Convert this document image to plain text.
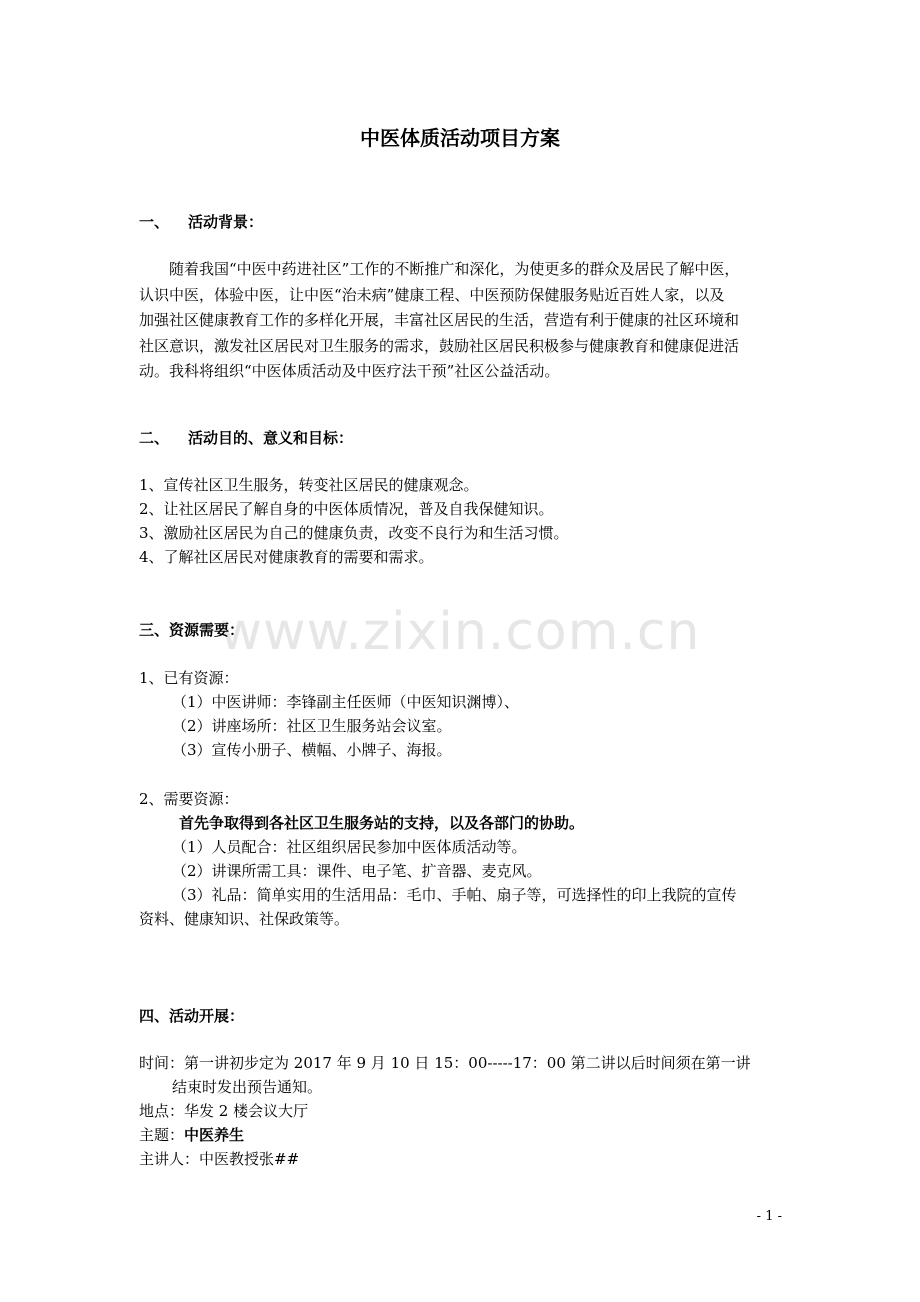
www.zixin.com.cn
中医体质活动项目方案
一、 活动背景：
随着我国“中医中药进社区”工作的不断推广和深化，为使更多的群众及居民了解中医，
认识中医，体验中医，让中医“治未病”健康工程、中医预防保健服务贴近百姓人家，以及
加强社区健康教育工作的多样化开展，丰富社区居民的生活，营造有利于健康的社区环境和
社区意识，激发社区居民对卫生服务的需求，鼓励社区居民积极参与健康教育和健康促进活
动。我科将组织“中医体质活动及中医疗法干预”社区公益活动。
二、 活动目的、意义和目标：
1、宣传社区卫生服务，转变社区居民的健康观念。
2、让社区居民了解自身的中医体质情况，普及自我保健知识。
3、激励社区居民为自己的健康负责，改变不良行为和生活习惯。
4、了解社区居民对健康教育的需要和需求。
三、资源需要：
1、已有资源：
（1）中医讲师：李锋副主任医师（中医知识渊博）、
（2）讲座场所：社区卫生服务站会议室。
（3）宣传小册子、横幅、小牌子、海报。
2、需要资源：
首先争取得到各社区卫生服务站的支持，以及各部门的协助。
（1）人员配合：社区组织居民参加中医体质活动等。
（2）讲课所需工具：课件、电子笔、扩音器、麦克风。
（3）礼品：简单实用的生活用品：毛巾、手帕、扇子等，可选择性的印上我院的宣传
资料、健康知识、社保政策等。
四、活动开展：
时间：第一讲初步定为 2017 年 9 月 10 日 15：00-----17：00 第二讲以后时间须在第一讲
结束时发出预告通知。
地点：华发 2 楼会议大厅
主题：中医养生
主讲人：中医教授张##
- 1 -
